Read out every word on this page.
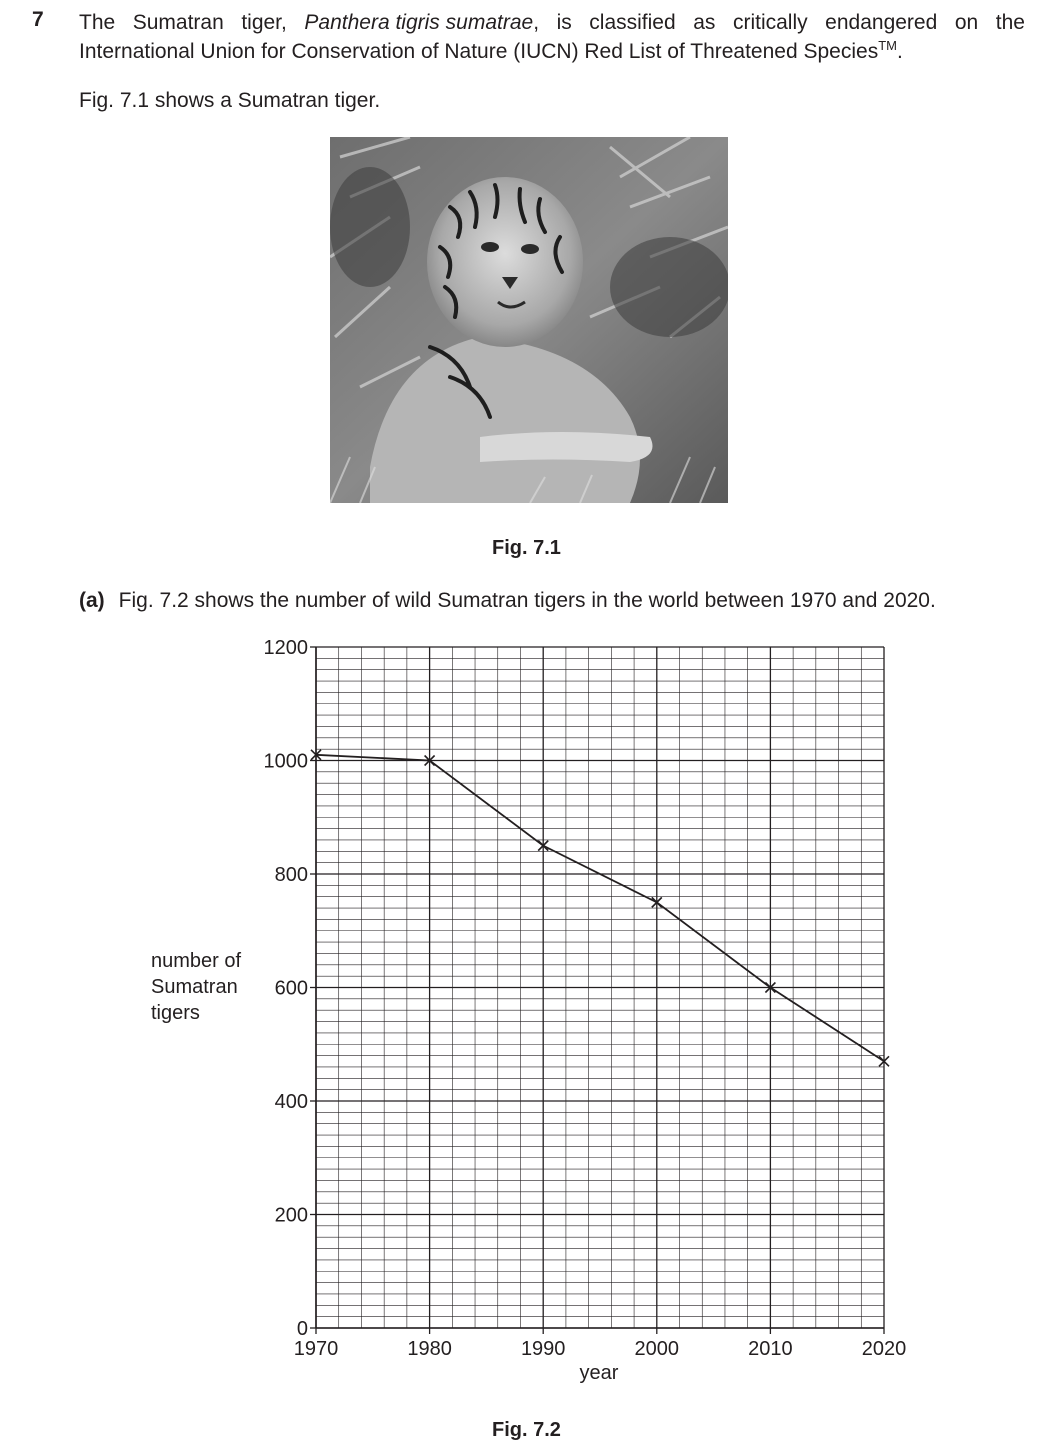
7 The Sumatran tiger, Panthera tigris sumatrae, is classified as critically endangered on the
International Union for Conservation of Nature (IUCN) Red List of Threatened Species™.
Fig. 7.1 shows a Sumatran tiger.
Fig. 7.1
(a) Fig. 7.2 shows the number of wild Sumatran tigers in the world between 1970 and 2020.
number of
Sumatran
tigers
0
200
400
600
800
1000
1200
1970	1980	1990	2000	2010	2020
year
Fig. 7.2
